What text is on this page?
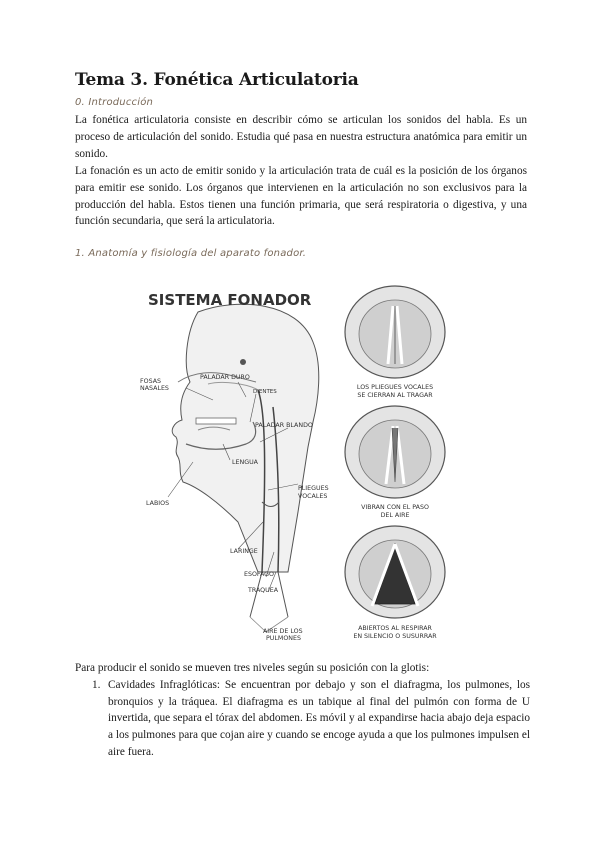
Tema 3. Fonética Articulatoria
0. Introducción
La fonética articulatoria consiste en describir cómo se articulan los sonidos del habla. Es un proceso de articulación del sonido. Estudia qué pasa en nuestra estructura anatómica para emitir un sonido.
La fonación es un acto de emitir sonido y la articulación trata de cuál es la posición de los órganos para emitir ese sonido. Los órganos que intervienen en la articulación no son exclusivos para la producción del habla. Estos tienen una función primaria, que será respiratoria o digestiva, y una función secundaria, que será la articulatoria.
1. Anatomía y fisiología del aparato fonador.
SISTEMA FONADOR
FOSAS
NASALES
PALADAR DURO
DIENTES
PALADAR BLANDO
LENGUA
LABIOS
PLIEGUES
VOCALES
LARINGE
ESOFAGO
TRAQUEA
AIRE DE LOS
PULMONES
LOS PLIEGUES VOCALES
SE CIERRAN AL TRAGAR
VIBRAN CON EL PASO
DEL AIRE
ABIERTOS AL RESPIRAR
EN SILENCIO O SUSURRAR
Para producir el sonido se mueven tres niveles según su posición con la glotis:
1. Cavidades Infraglóticas: Se encuentran por debajo y son el diafragma, los pulmones, los bronquios y la tráquea. El diafragma es un tabique al final del pulmón con forma de U invertida, que separa el tórax del abdomen. Es móvil y al expandirse hacia abajo deja espacio a los pulmones para que cojan aire y cuando se encoge ayuda a que los pulmones impulsen el aire fuera.
